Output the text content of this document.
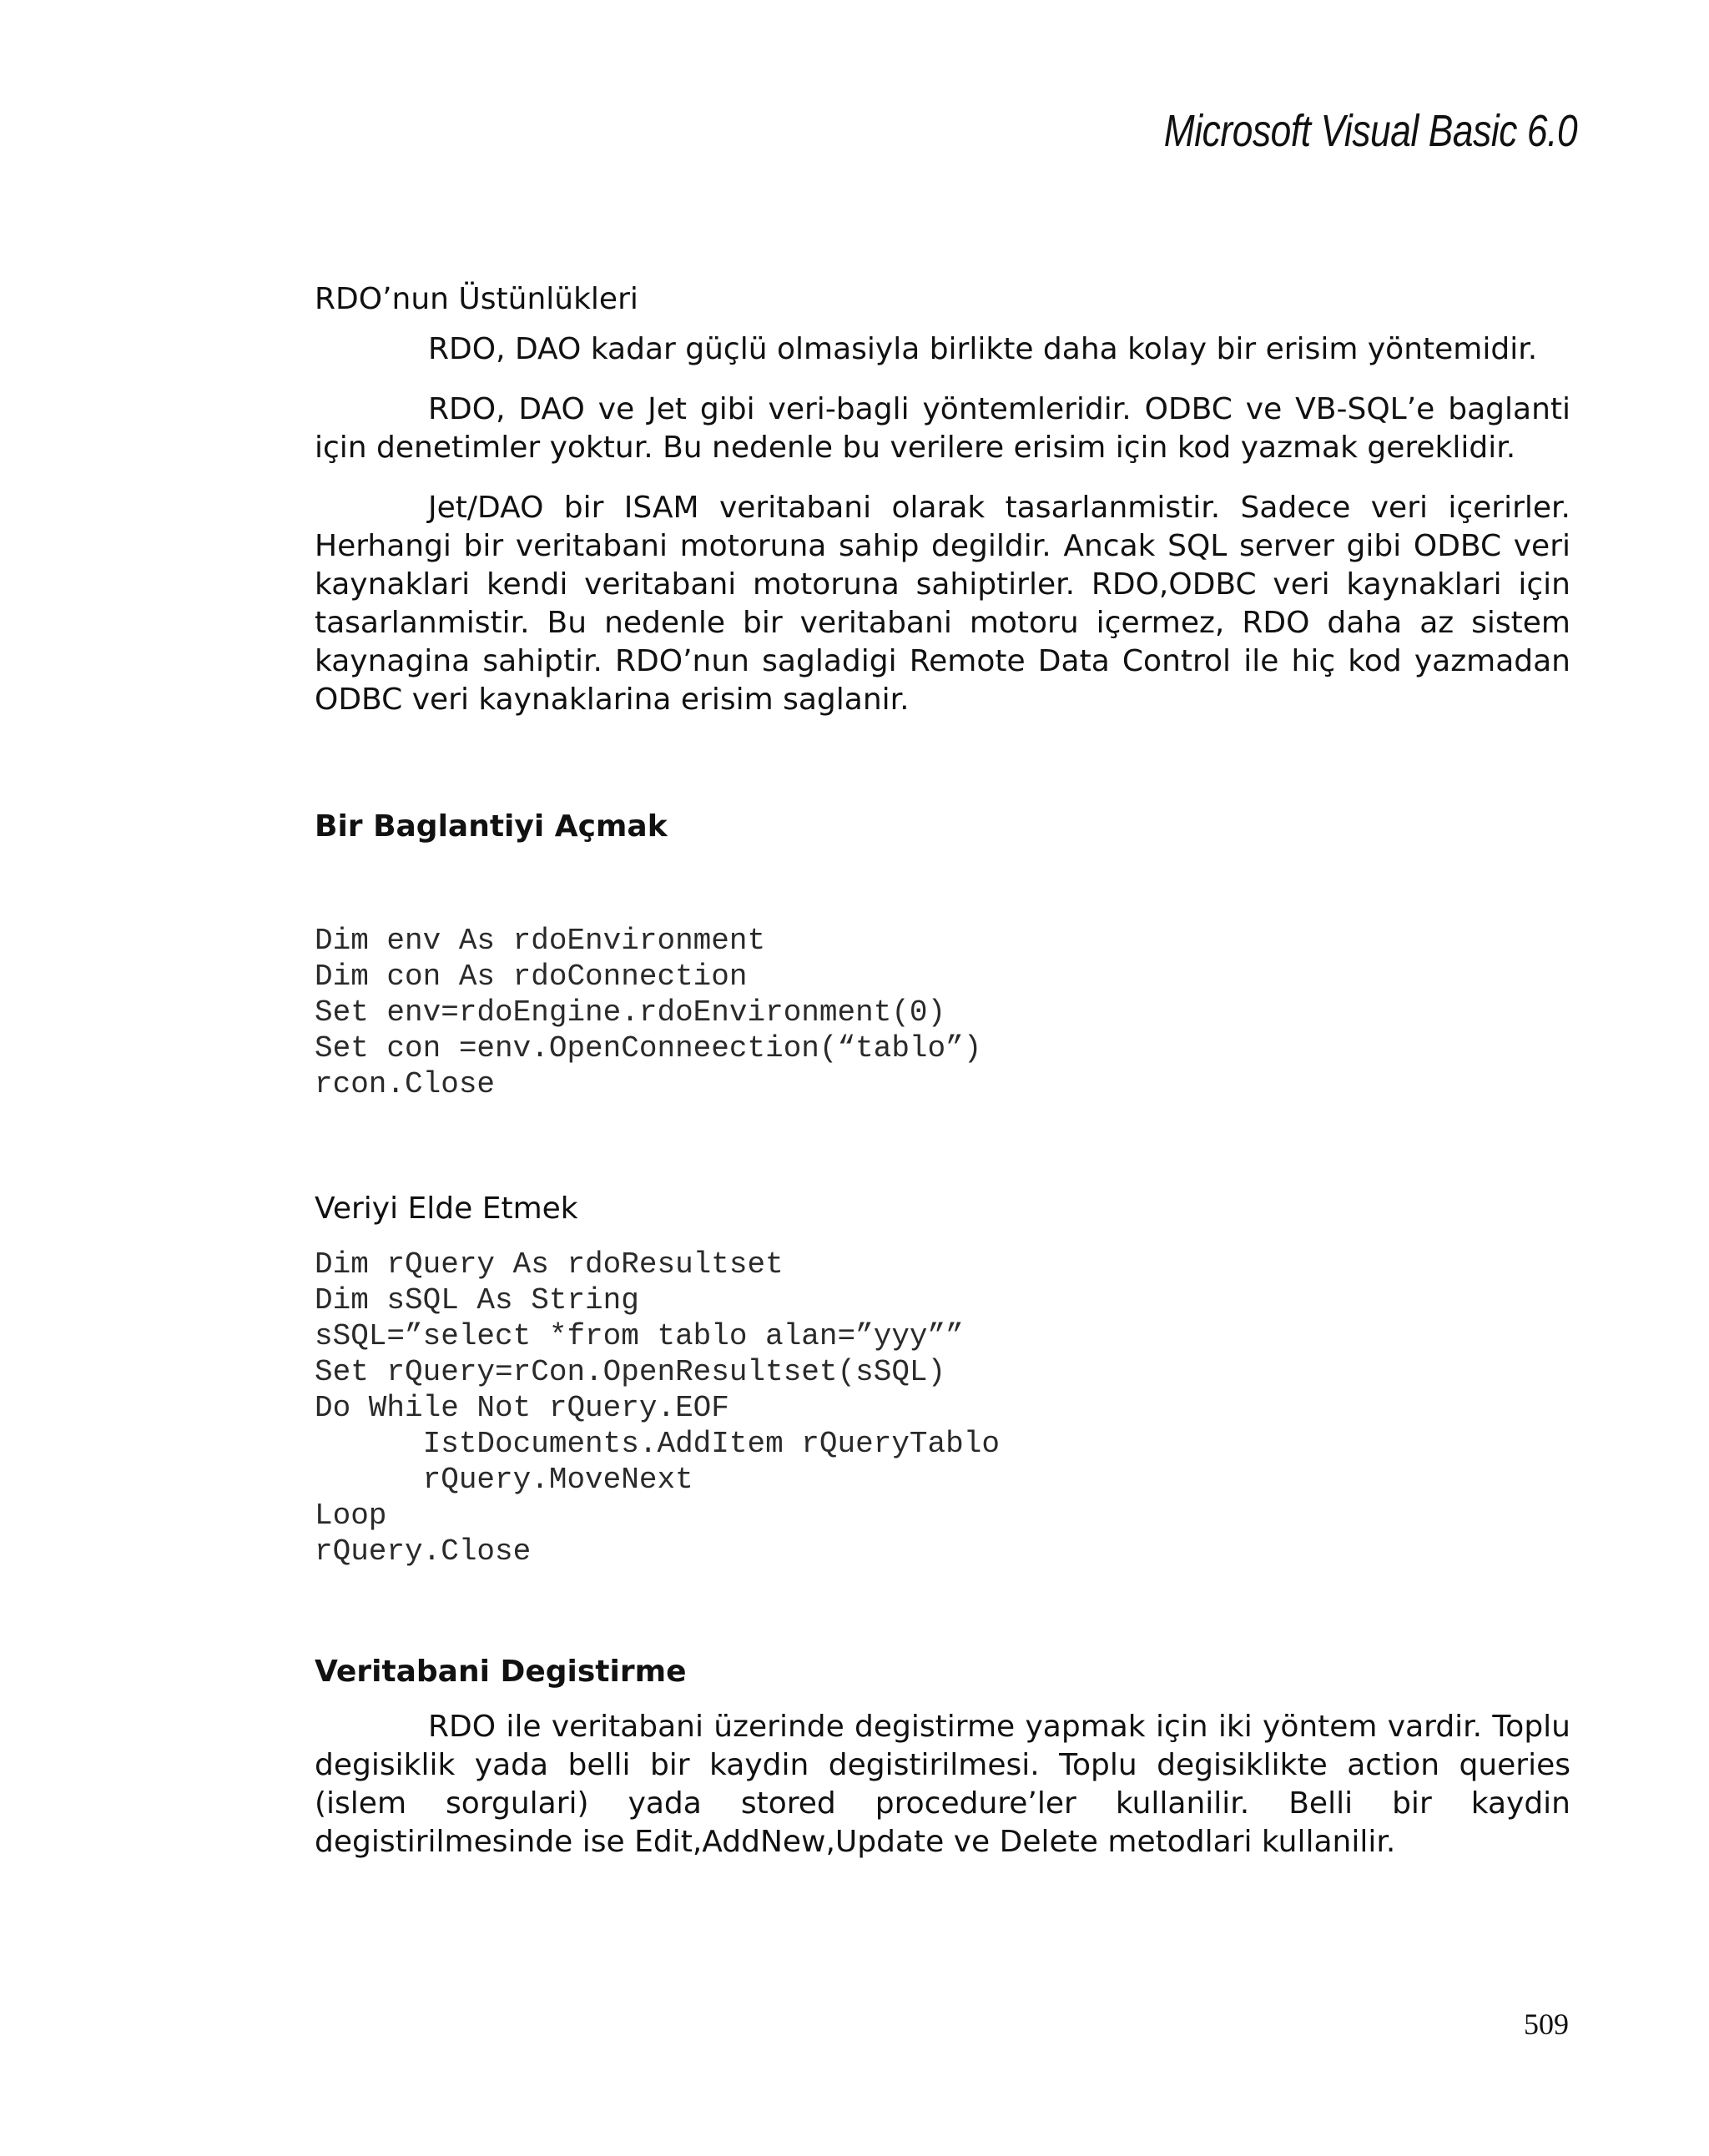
Microsoft Visual Basic 6.0
RDO’nun Üstünlükleri

RDO, DAO kadar güçlü olmasiyla birlikte daha kolay bir erisim yöntemidir.

RDO, DAO ve Jet gibi veri-bagli yöntemleridir. ODBC ve VB-SQL’e baglanti için denetimler yoktur. Bu nedenle bu verilere erisim için kod yazmak gereklidir.

Jet/DAO bir ISAM veritabani olarak tasarlanmistir. Sadece veri içerirler. Herhangi bir veritabani motoruna sahip degildir. Ancak SQL server gibi ODBC veri kaynaklari kendi veritabani motoruna sahiptirler. RDO,ODBC veri kaynaklari için tasarlanmistir. Bu nedenle bir veritabani motoru içermez, RDO daha az sistem kaynagina sahiptir. RDO’nun sagladigi Remote Data Control ile hiç kod yazmadan ODBC veri kaynaklarina erisim saglanir.

Bir Baglantiyi Açmak
Dim env As rdoEnvironment
Dim con As rdoConnection
Set env=rdoEngine.rdoEnvironment(0)
Set con =env.OpenConneection(“tablo”)
rcon.Close
Veriyi Elde Etmek
Dim rQuery As rdoResultset
Dim sSQL As String
sSQL=”select *from tablo alan=”yyy””
Set rQuery=rCon.OpenResultset(sSQL)
Do While Not rQuery.EOF
IstDocuments.AddItem rQueryTablo
rQuery.MoveNext
Loop
rQuery.Close
Veritabani Degistirme

RDO ile veritabani üzerinde degistirme yapmak için iki yöntem vardir. Toplu degisiklik yada belli bir kaydin degistirilmesi. Toplu degisiklikte action queries (islem sorgulari) yada stored procedure’ler kullanilir. Belli bir kaydin degistirilmesinde ise Edit,AddNew,Update ve Delete metodlari kullanilir.

509
